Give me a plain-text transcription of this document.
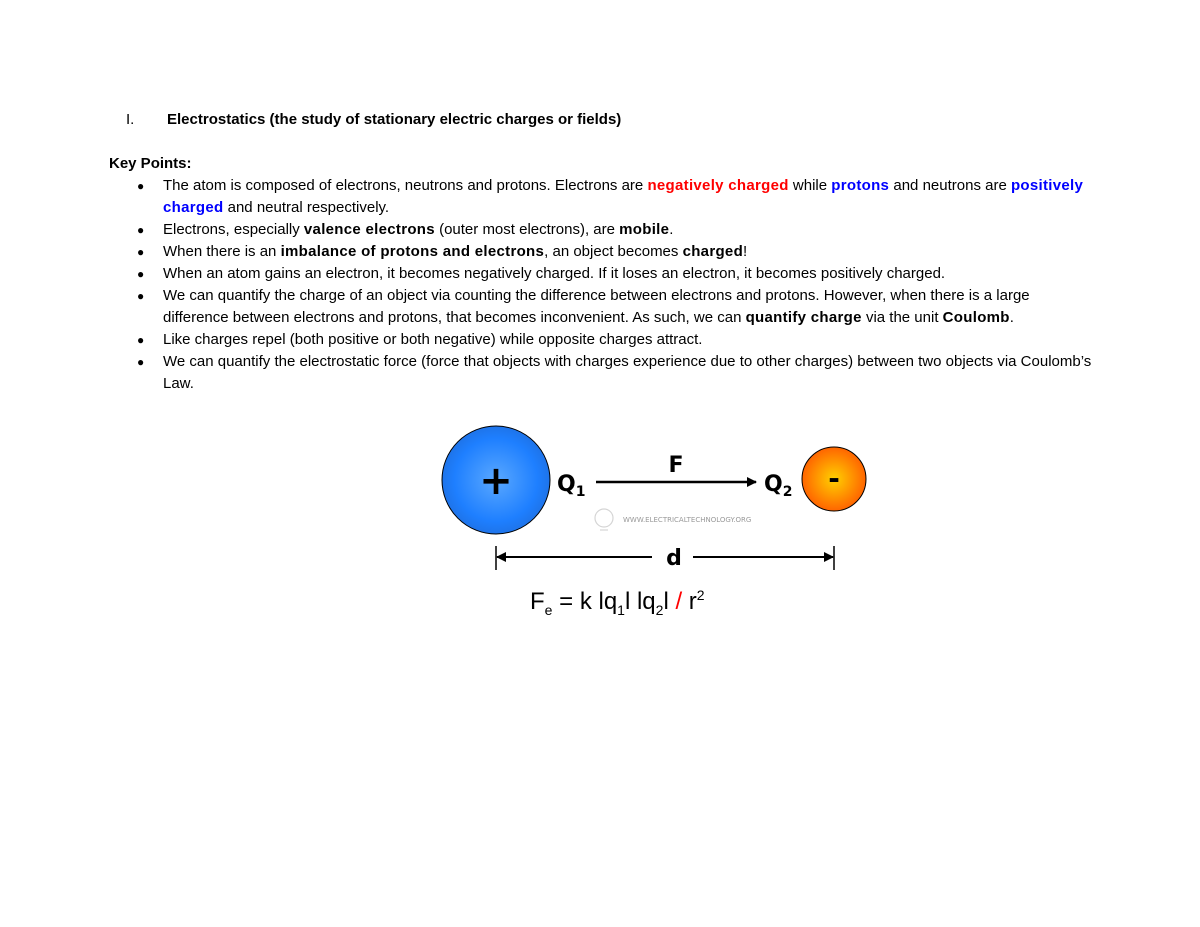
I. Electrostatics (the study of stationary electric charges or fields)
Key Points:
● The atom is composed of electrons, neutrons and protons. Electrons are negatively charged while protons and neutrons are positively charged and neutral respectively.
● Electrons, especially valence electrons (outer most electrons), are mobile.
● When there is an imbalance of protons and electrons, an object becomes charged!
● When an atom gains an electron, it becomes negatively charged. If it loses an electron, it becomes positively charged.
● We can quantify the charge of an object via counting the difference between electrons and protons. However, when there is a large difference between electrons and protons, that becomes inconvenient. As such, we can quantify charge via the unit Coulomb.
● Like charges repel (both positive or both negative) while opposite charges attract.
● We can quantify the electrostatic force (force that objects with charges experience due to other charges) between two objects via Coulomb’s Law.
+ $Q_1$
F
$Q_2$ -
WWW.ELECTRICALTECHNOLOGY.ORG
d
$F_e = k$ $lq_1l$ $lq_2l / r^2$
